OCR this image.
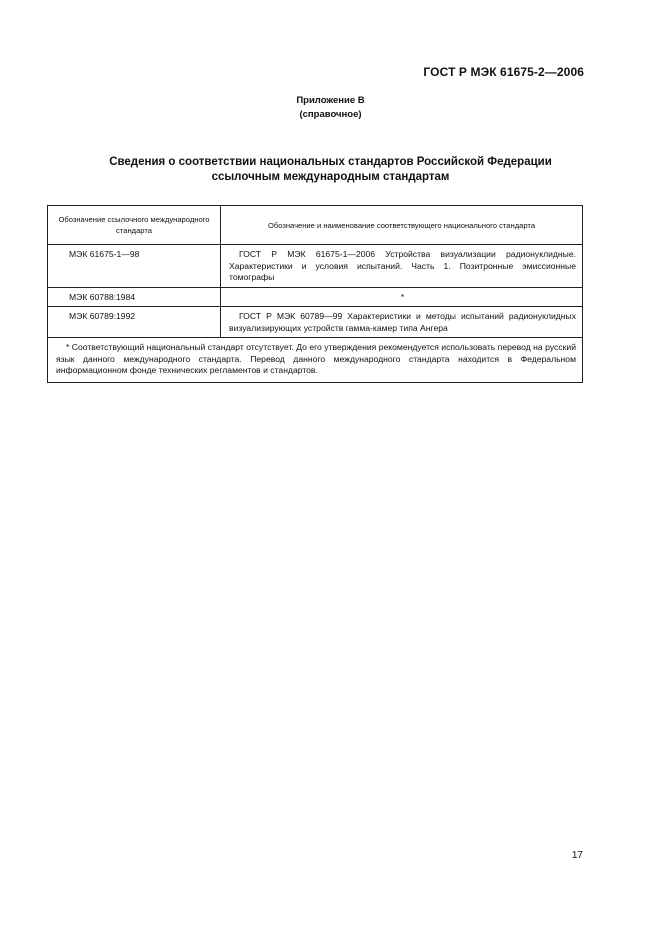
ГОСТ Р МЭК 61675-2—2006
Приложение В
(справочное)
Сведения о соответствии национальных стандартов Российской Федерации
ссылочным международным стандартам
Обозначение ссылочного международного стандарта	Обозначение и наименование соответствующего национального стандарта
МЭК 61675-1—98	ГОСТ Р МЭК 61675-1—2006 Устройства визуализации радионуклидные. Характеристики и условия испытаний. Часть 1. Позитронные эмиссионные томографы
МЭК 60788:1984	*
МЭК 60789:1992	ГОСТ Р МЭК 60789—99 Характеристики и методы испытаний радионуклидных визуализирующих устройств гамма-камер типа Ангера
* Соответствующий национальный стандарт отсутствует. До его утверждения рекомендуется использовать перевод на русский язык данного международного стандарта. Перевод данного международного стандарта находится в Федеральном информационном фонде технических регламентов и стандартов.	
17
